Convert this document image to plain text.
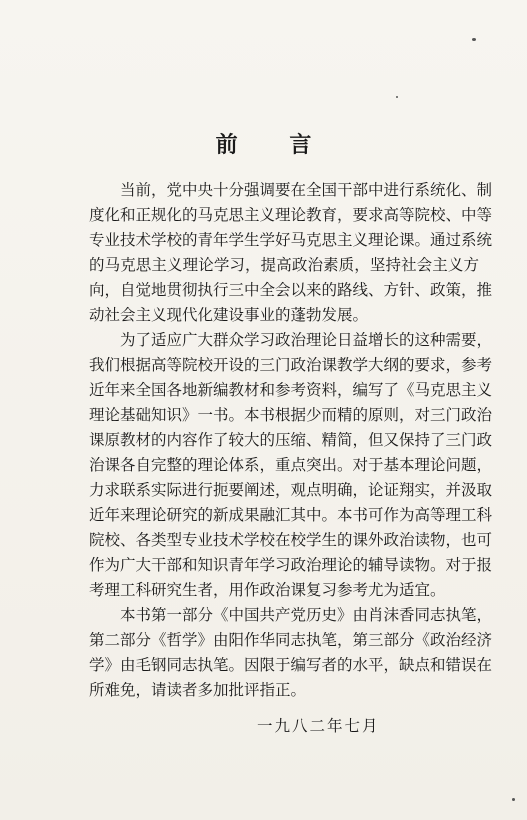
前 言

当前，党中央十分强调要在全国干部中进行系统化、制
度化和正规化的马克思主义理论教育，要求高等院校、中等
专业技术学校的青年学生学好马克思主义理论课。通过系统
的马克思主义理论学习，提高政治素质，坚持社会主义方
向，自觉地贯彻执行三中全会以来的路线、方针、政策，推
动社会主义现代化建设事业的蓬勃发展。

为了适应广大群众学习政治理论日益增长的这种需要，
我们根据高等院校开设的三门政治课教学大纲的要求，参考
近年来全国各地新编教材和参考资料，编写了《马克思主义
理论基础知识》一书。本书根据少而精的原则，对三门政治
课原教材的内容作了较大的压缩、精简，但又保持了三门政
治课各自完整的理论体系，重点突出。对于基本理论问题，
力求联系实际进行扼要阐述，观点明确，论证翔实，并汲取
近年来理论研究的新成果融汇其中。本书可作为高等理工科
院校、各类型专业技术学校在校学生的课外政治读物，也可
作为广大干部和知识青年学习政治理论的辅导读物。对于报
考理工科研究生者，用作政治课复习参考尤为适宜。

本书第一部分《中国共产党历史》由肖沫香同志执笔，
第二部分《哲学》由阳作华同志执笔，第三部分《政治经济
学》由毛钢同志执笔。因限于编写者的水平，缺点和错误在
所难免，请读者多加批评指正。

一九八二年七月
